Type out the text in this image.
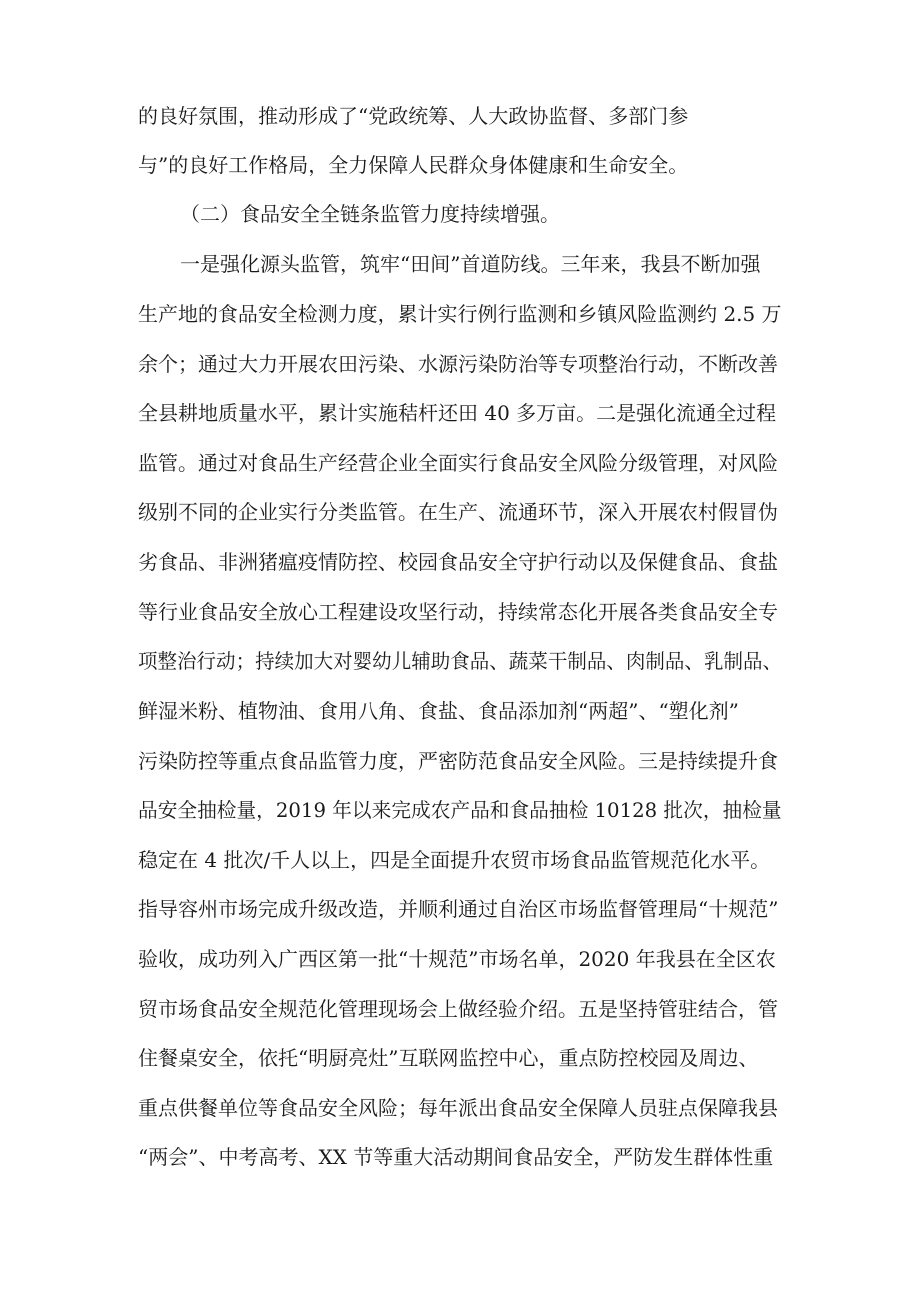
的良好氛围，推动形成了“党政统筹、人大政协监督、多部门参
与”的良好工作格局，全力保障人民群众身体健康和生命安全。
（二）食品安全全链条监管力度持续增强。
一是强化源头监管，筑牢“田间”首道防线。三年来，我县不断加强
生产地的食品安全检测力度，累计实行例行监测和乡镇风险监测约 2.5 万
余个；通过大力开展农田污染、水源污染防治等专项整治行动，不断改善
全县耕地质量水平，累计实施秸杆还田 40 多万亩。二是强化流通全过程
监管。通过对食品生产经营企业全面实行食品安全风险分级管理，对风险
级别不同的企业实行分类监管。在生产、流通环节，深入开展农村假冒伪
劣食品、非洲猪瘟疫情防控、校园食品安全守护行动以及保健食品、食盐
等行业食品安全放心工程建设攻坚行动，持续常态化开展各类食品安全专
项整治行动；持续加大对婴幼儿辅助食品、蔬菜干制品、肉制品、乳制品、
鲜湿米粉、植物油、食用八角、食盐、食品添加剂“两超”、“塑化剂”
污染防控等重点食品监管力度，严密防范食品安全风险。三是持续提升食
品安全抽检量，2019 年以来完成农产品和食品抽检 10128 批次，抽检量
稳定在 4 批次/千人以上，四是全面提升农贸市场食品监管规范化水平。
指导容州市场完成升级改造，并顺利通过自治区市场监督管理局“十规范”
验收，成功列入广西区第一批“十规范”市场名单，2020 年我县在全区农
贸市场食品安全规范化管理现场会上做经验介绍。五是坚持管驻结合，管
住餐桌安全，依托“明厨亮灶”互联网监控中心，重点防控校园及周边、
重点供餐单位等食品安全风险；每年派出食品安全保障人员驻点保障我县
“两会”、中考高考、XX 节等重大活动期间食品安全，严防发生群体性重
